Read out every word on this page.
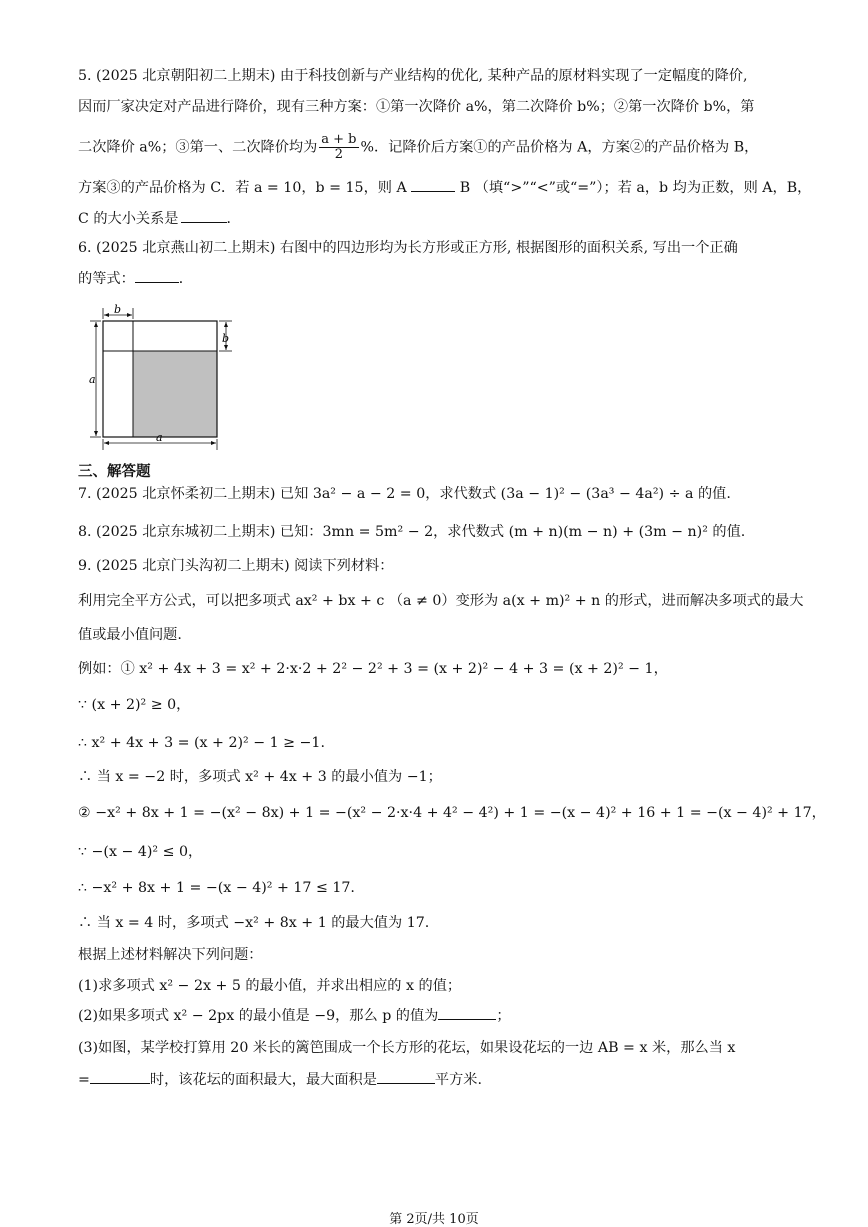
5. (2025 北京朝阳初二上期末) 由于科技创新与产业结构的优化, 某种产品的原材料实现了一定幅度的降价,
因而厂家决定对产品进行降价，现有三种方案：①第一次降价 a%，第二次降价 b%；②第一次降价 b%，第
二次降价 a%；③第一、二次降价均为 $\frac{a + b}{2}$ %．记降价后方案①的产品价格为 A，方案②的产品价格为 B，
方案③的产品价格为 C．若 a = 10，b = 15，则 A	B （填“>”“<”或“=”）；若 a，b 均为正数，则 A，B，
C 的大小关系是	．
6. (2025 北京燕山初二上期末) 右图中的四边形均为长方形或正方形, 根据图形的面积关系, 写出一个正确
的等式：	．
b
b
a
a
三、解答题
7. (2025 北京怀柔初二上期末) 已知 3a² − a − 2 = 0，求代数式 (3a − 1)² − (3a³ − 4a²) ÷ a 的值.
8. (2025 北京东城初二上期末) 已知：3mn = 5m² − 2，求代数式 (m + n)(m − n) + (3m − n)² 的值.
9. (2025 北京门头沟初二上期末) 阅读下列材料：
利用完全平方公式，可以把多项式 ax² + bx + c （a ≠ 0）变形为 a(x + m)² + n 的形式，进而解决多项式的最大
值或最小值问题.
例如：① x² + 4x + 3 = x² + 2·x·2 + 2² − 2² + 3 = (x + 2)² − 4 + 3 = (x + 2)² − 1，
∵ (x + 2)² ≥ 0，
∴ x² + 4x + 3 = (x + 2)² − 1 ≥ −1.
∴ 当 x = −2 时，多项式 x² + 4x + 3 的最小值为 −1；
② −x² + 8x + 1 = −(x² − 8x) + 1 = −(x² − 2·x·4 + 4² − 4²) + 1 = −(x − 4)² + 16 + 1 = −(x − 4)² + 17，
∵ −(x − 4)² ≤ 0，
∴ −x² + 8x + 1 = −(x − 4)² + 17 ≤ 17.
∴ 当 x = 4 时，多项式 −x² + 8x + 1 的最大值为 17.
根据上述材料解决下列问题：
(1)求多项式 x² − 2x + 5 的最小值，并求出相应的 x 的值；
(2)如果多项式 x² − 2px 的最小值是 −9，那么 p 的值为	；
(3)如图，某学校打算用 20 米长的篱笆围成一个长方形的花坛，如果设花坛的一边 AB = x 米，那么当 x
=	时，该花坛的面积最大，最大面积是	平方米.
第 2页/共 10页
